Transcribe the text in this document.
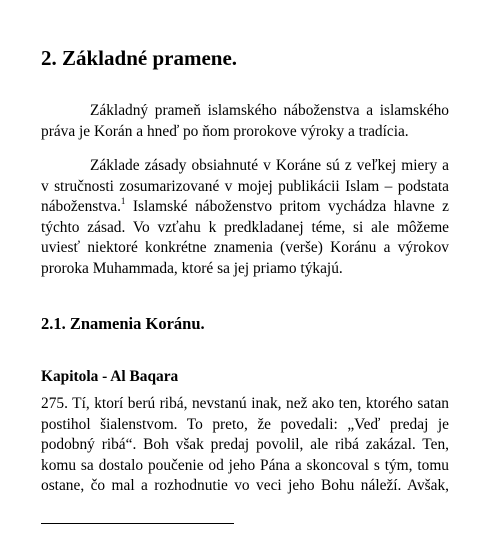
2. Základné pramene.

Základný prameň islamského náboženstva a islamského
práva je Korán a hneď po ňom prorokove výroky a tradícia.

Základe zásady obsiahnuté v Koráne sú z veľkej miery a
v stručnosti zosumarizované v mojej publikácii Islam – podstata
náboženstva.$^1$ Islamské náboženstvo pritom vychádza hlavne z
týchto zásad. Vo vzťahu k predkladanej téme, si ale môžeme
uviesť niektoré konkrétne znamenia (verše) Koránu a výrokov
proroka Muhammada, ktoré sa jej priamo týkajú.

2.1. Znamenia Koránu.
Kapitola - Al Baqara

275. Tí, ktorí berú ribá, nevstanú inak, než ako ten, ktorého satan
postihol šialenstvom. To preto, že povedali: „Veď predaj je
podobný ribá“. Boh však predaj povolil, ale ribá zakázal. Ten,
komu sa dostalo poučenie od jeho Pána a skoncoval s tým, tomu
ostane, čo mal a rozhodnutie vo veci jeho Bohu náleží. Avšak,
